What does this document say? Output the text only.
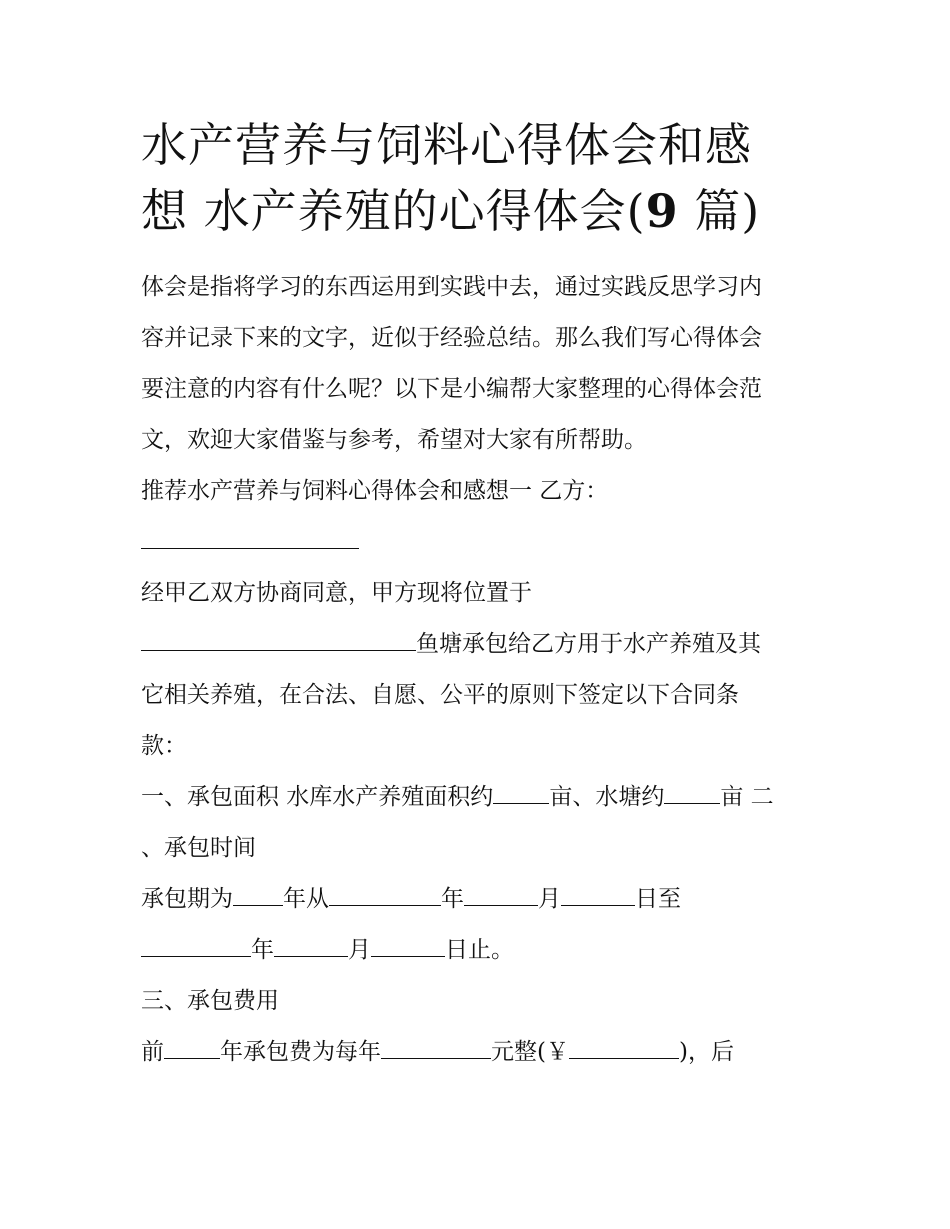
水产营养与饲料心得体会和感
想 水产养殖的心得体会(9 篇)

体会是指将学习的东西运用到实践中去，通过实践反思学习内

容并记录下来的文字，近似于经验总结。那么我们写心得体会

要注意的内容有什么呢？以下是小编帮大家整理的心得体会范

文，欢迎大家借鉴与参考，希望对大家有所帮助。

推荐水产营养与饲料心得体会和感想一 乙方：

经甲乙双方协商同意，甲方现将位置于

鱼塘承包给乙方用于水产养殖及其

它相关养殖，在合法、自愿、公平的原则下签定以下合同条

款：

一、承包面积 水库水产养殖面积约 亩、水塘约 亩 二

、承包时间

承包期为 年从	年	月	日至

年	月	日止。

三、承包费用

前 年承包费为每年	元整(￥	)，后
